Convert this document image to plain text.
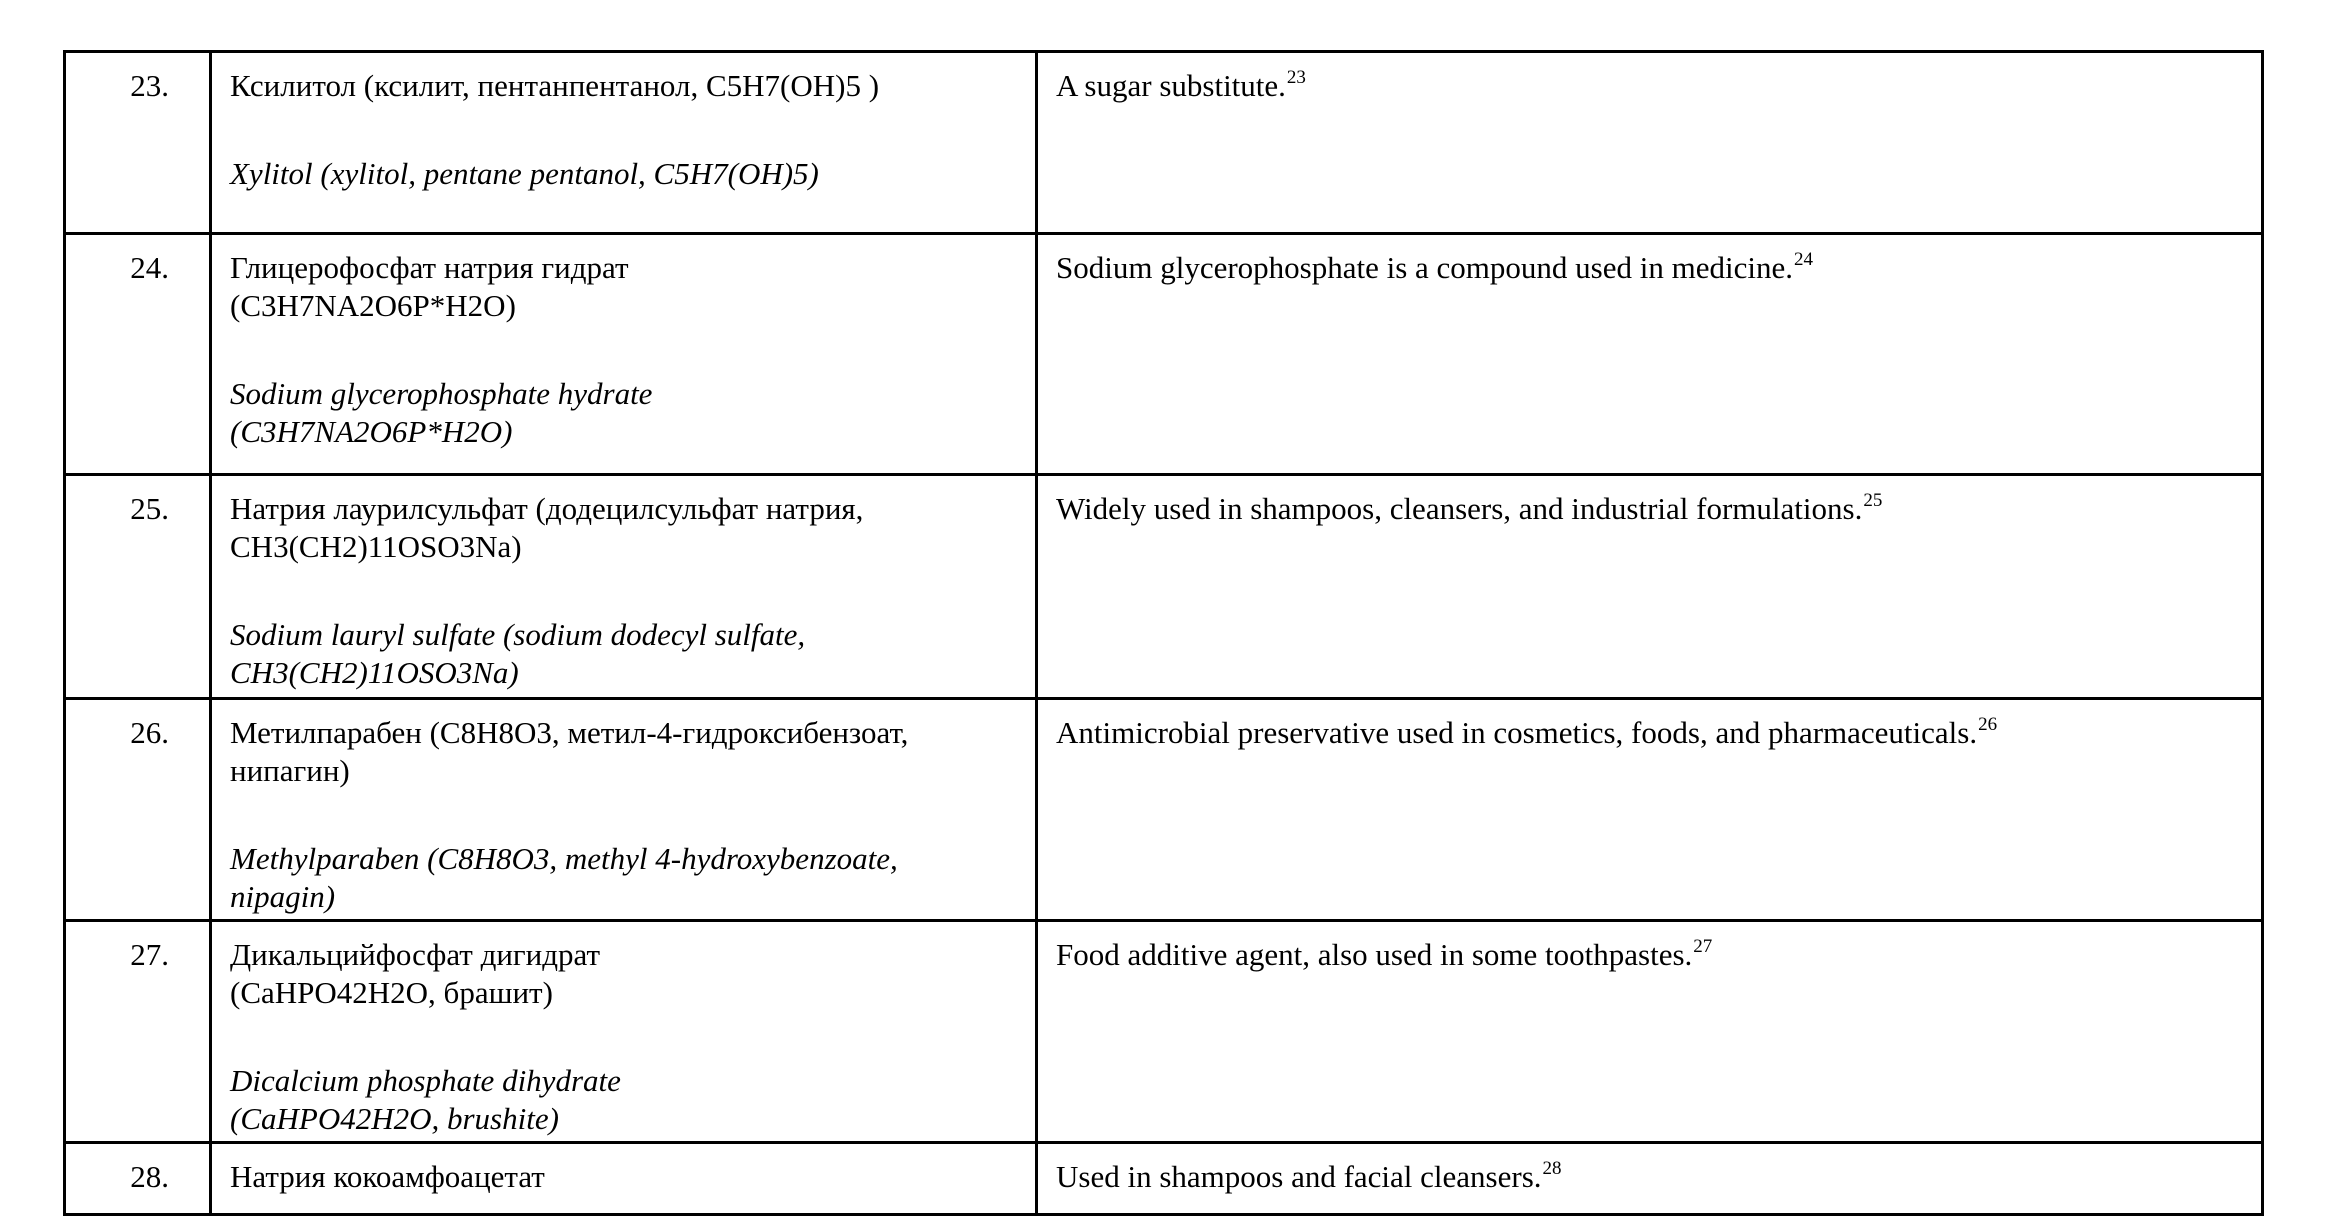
23.	Ксилитол (ксилит, пентанпентанол, C5H7(OH)5 )
Xylitol (xylitol, pentane pentanol, C5H7(OH)5)	A sugar substitute.$^{23}$
24.	Глицерофосфат натрия гидрат
(C3H7NA2O6P*H2O)
Sodium glycerophosphate hydrate
(C3H7NA2O6P*H2O)	Sodium glycerophosphate is a compound used in medicine.$^{24}$
25.	Натрия лаурилсульфат (додецилсульфат натрия,
CH3(CH2)11OSO3Na)
Sodium lauryl sulfate (sodium dodecyl sulfate,
CH3(CH2)11OSO3Na)	Widely used in shampoos, cleansers, and industrial formulations.$^{25}$
26.	Метилпарабен (C8H8O3, метил-4-гидроксибензоат,
нипагин)
Methylparaben (C8H8O3, methyl 4-hydroxybenzoate,
nipagin)	Antimicrobial preservative used in cosmetics, foods, and pharmaceuticals.$^{26}$
27.	Дикальцийфосфат дигидрат
(CaHPO42H2O, брашит)
Dicalcium phosphate dihydrate
(CaHPO42H2O, brushite)	Food additive agent, also used in some toothpastes.$^{27}$
28.	Натрия кокоамфоацетат	Used in shampoos and facial cleansers.$^{28}$
